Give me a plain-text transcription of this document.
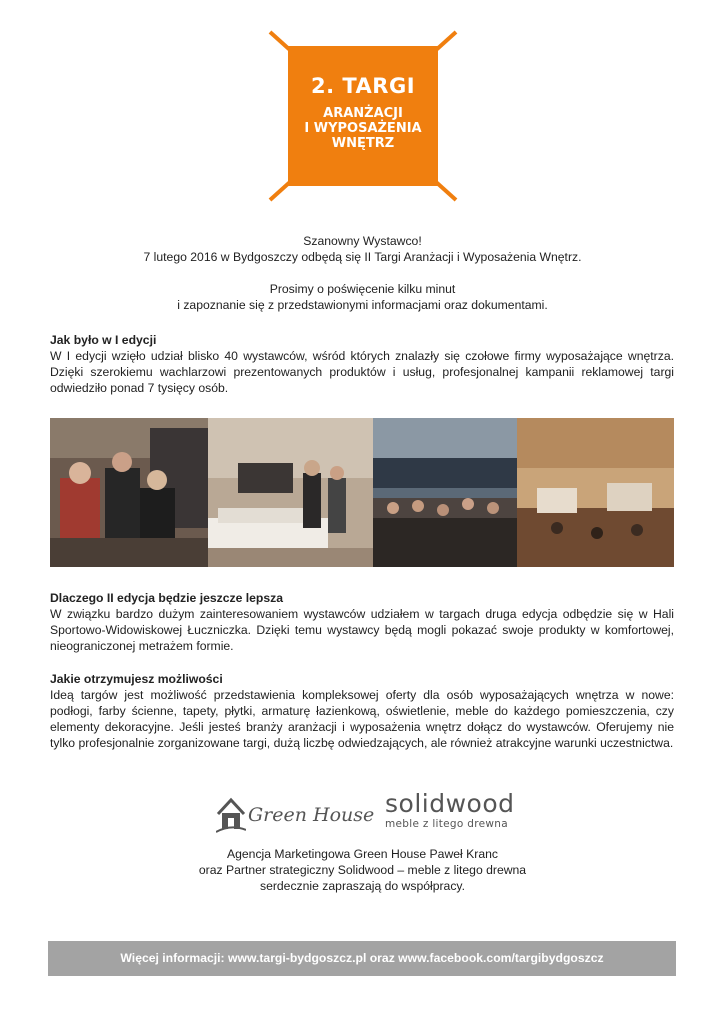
2. TARGI
ARANŻACJI
I WYPOSAŻENIA
WNĘTRZ
Szanowny Wystawco!
7 lutego 2016 w Bydgoszczy odbędą się II Targi Aranżacji i Wyposażenia Wnętrz.
Prosimy o poświęcenie kilku minut
i zapoznanie się z przedstawionymi informacjami oraz dokumentami.
Jak było w I edycji

W I edycji wzięło udział blisko 40 wystawców, wśród których znalazły się czołowe firmy wyposażające wnętrza. Dzięki szerokiemu wachlarzowi prezentowanych produktów i usług, profesjonalnej kampanii reklamowej targi odwiedziło ponad 7 tysięcy osób.

Dlaczego II edycja będzie jeszcze lepsza

W związku bardzo dużym zainteresowaniem wystawców udziałem w targach druga edycja odbędzie się w Hali Sportowo-Widowiskowej Łuczniczka. Dzięki temu wystawcy będą mogli pokazać swoje produkty w komfortowej, nieograniczonej metrażem formie.

Jakie otrzymujesz możliwości

Ideą targów jest możliwość przedstawienia kompleksowej oferty dla osób wyposażających wnętrza w nowe: podłogi, farby ścienne, tapety, płytki, armaturę łazienkową, oświetlenie, meble do każdego pomieszczenia, czy elementy dekoracyjne. Jeśli jesteś branży aranżacji i wyposażenia wnętrz dołącz do wystawców. Oferujemy nie tylko profesjonalnie zorganizowane targi, dużą liczbę odwiedzających, ale również atrakcyjne warunki uczestnictwa.

Green House solidwood
meble z litego drewna
Agencja Marketingowa Green House Paweł Kranc
oraz Partner strategiczny Solidwood – meble z litego drewna
serdecznie zapraszają do współpracy.
Więcej informacji: www.targi-bydgoszcz.pl oraz www.facebook.com/targibydgoszcz
